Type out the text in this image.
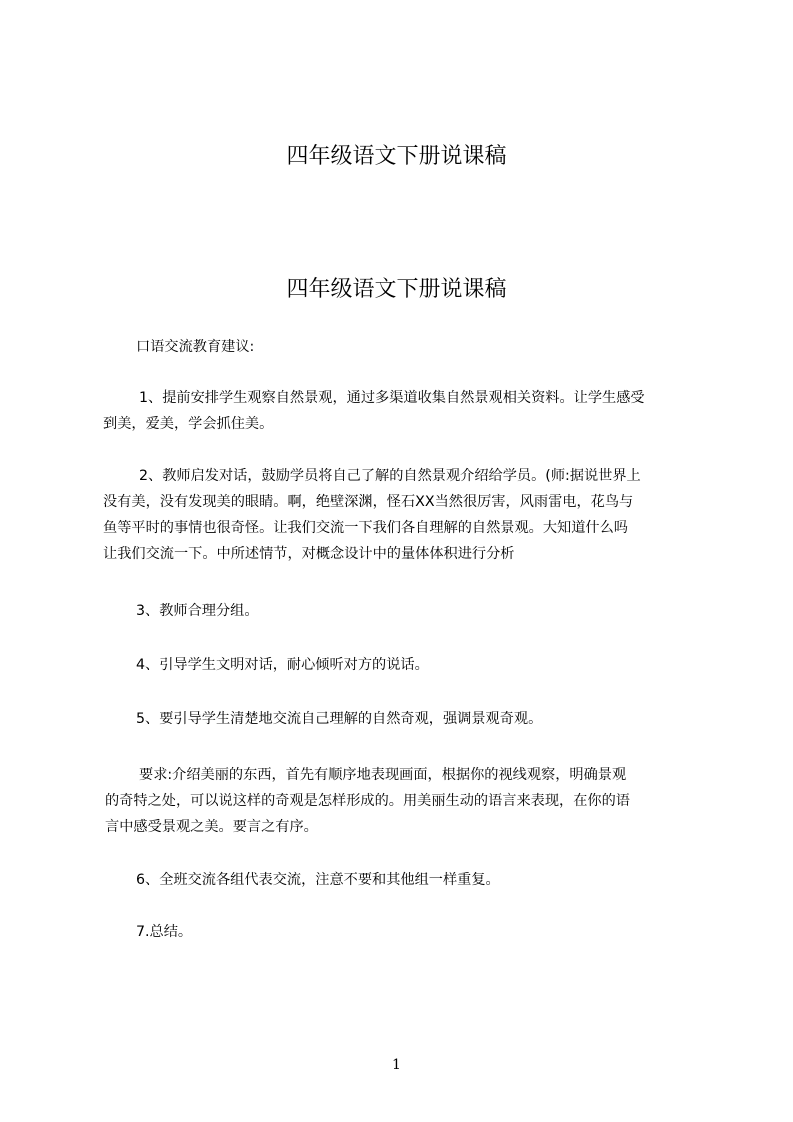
四年级语文下册说课稿
四年级语文下册说课稿

口语交流教育建议:

1、提前安排学生观察自然景观，通过多渠道收集自然景观相关资料。让学生感受
到美，爱美，学会抓住美。

2、教师启发对话，鼓励学员将自己了解的自然景观介绍给学员。(师:据说世界上
没有美，没有发现美的眼睛。啊，绝壁深渊，怪石XX当然很厉害，风雨雷电，花鸟与
鱼等平时的事情也很奇怪。让我们交流一下我们各自理解的自然景观。大知道什么吗
让我们交流一下。中所述情节，对概念设计中的量体体积进行分析

3、教师合理分组。

4、引导学生文明对话，耐心倾听对方的说话。

5、要引导学生清楚地交流自己理解的自然奇观，强调景观奇观。

要求:介绍美丽的东西，首先有顺序地表现画面，根据你的视线观察，明确景观
的奇特之处，可以说这样的奇观是怎样形成的。用美丽生动的语言来表现，在你的语
言中感受景观之美。要言之有序。

6、全班交流各组代表交流，注意不要和其他组一样重复。

7.总结。

1
